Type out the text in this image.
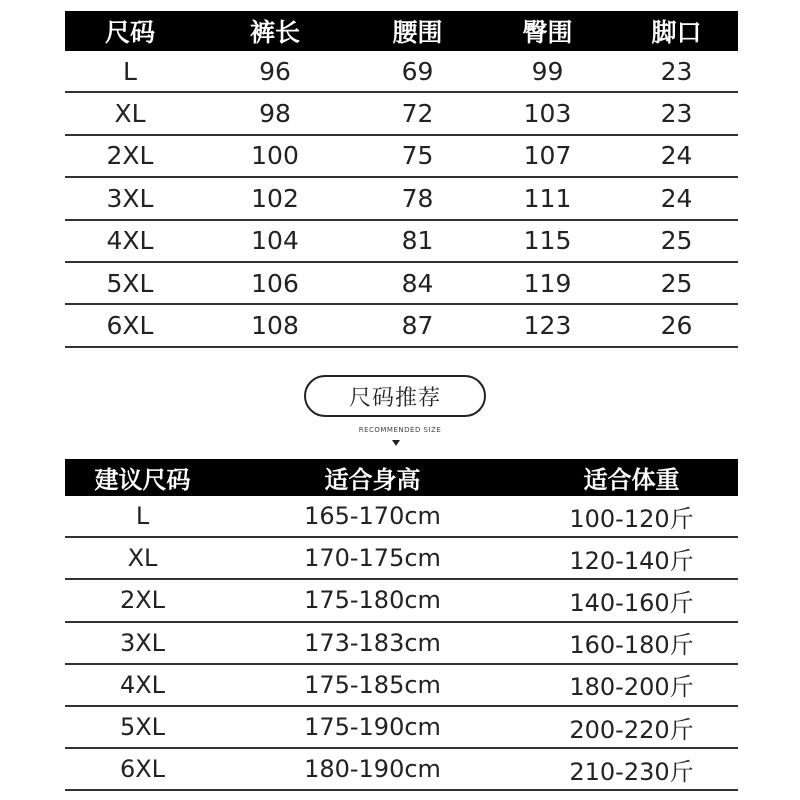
尺码	裤长	腰围	臀围	脚口
L	96	69	99	23
XL	98	72	103	23
2XL	100	75	107	24
3XL	102	78	111	24
4XL	104	81	115	25
5XL	106	84	119	25
6XL	108	87	123	26
尺码推荐
RECOMMENDED SIZE
建议尺码	适合身高	适合体重
L	165-170cm	100-120斤
XL	170-175cm	120-140斤
2XL	175-180cm	140-160斤
3XL	173-183cm	160-180斤
4XL	175-185cm	180-200斤
5XL	175-190cm	200-220斤
6XL	180-190cm	210-230斤
